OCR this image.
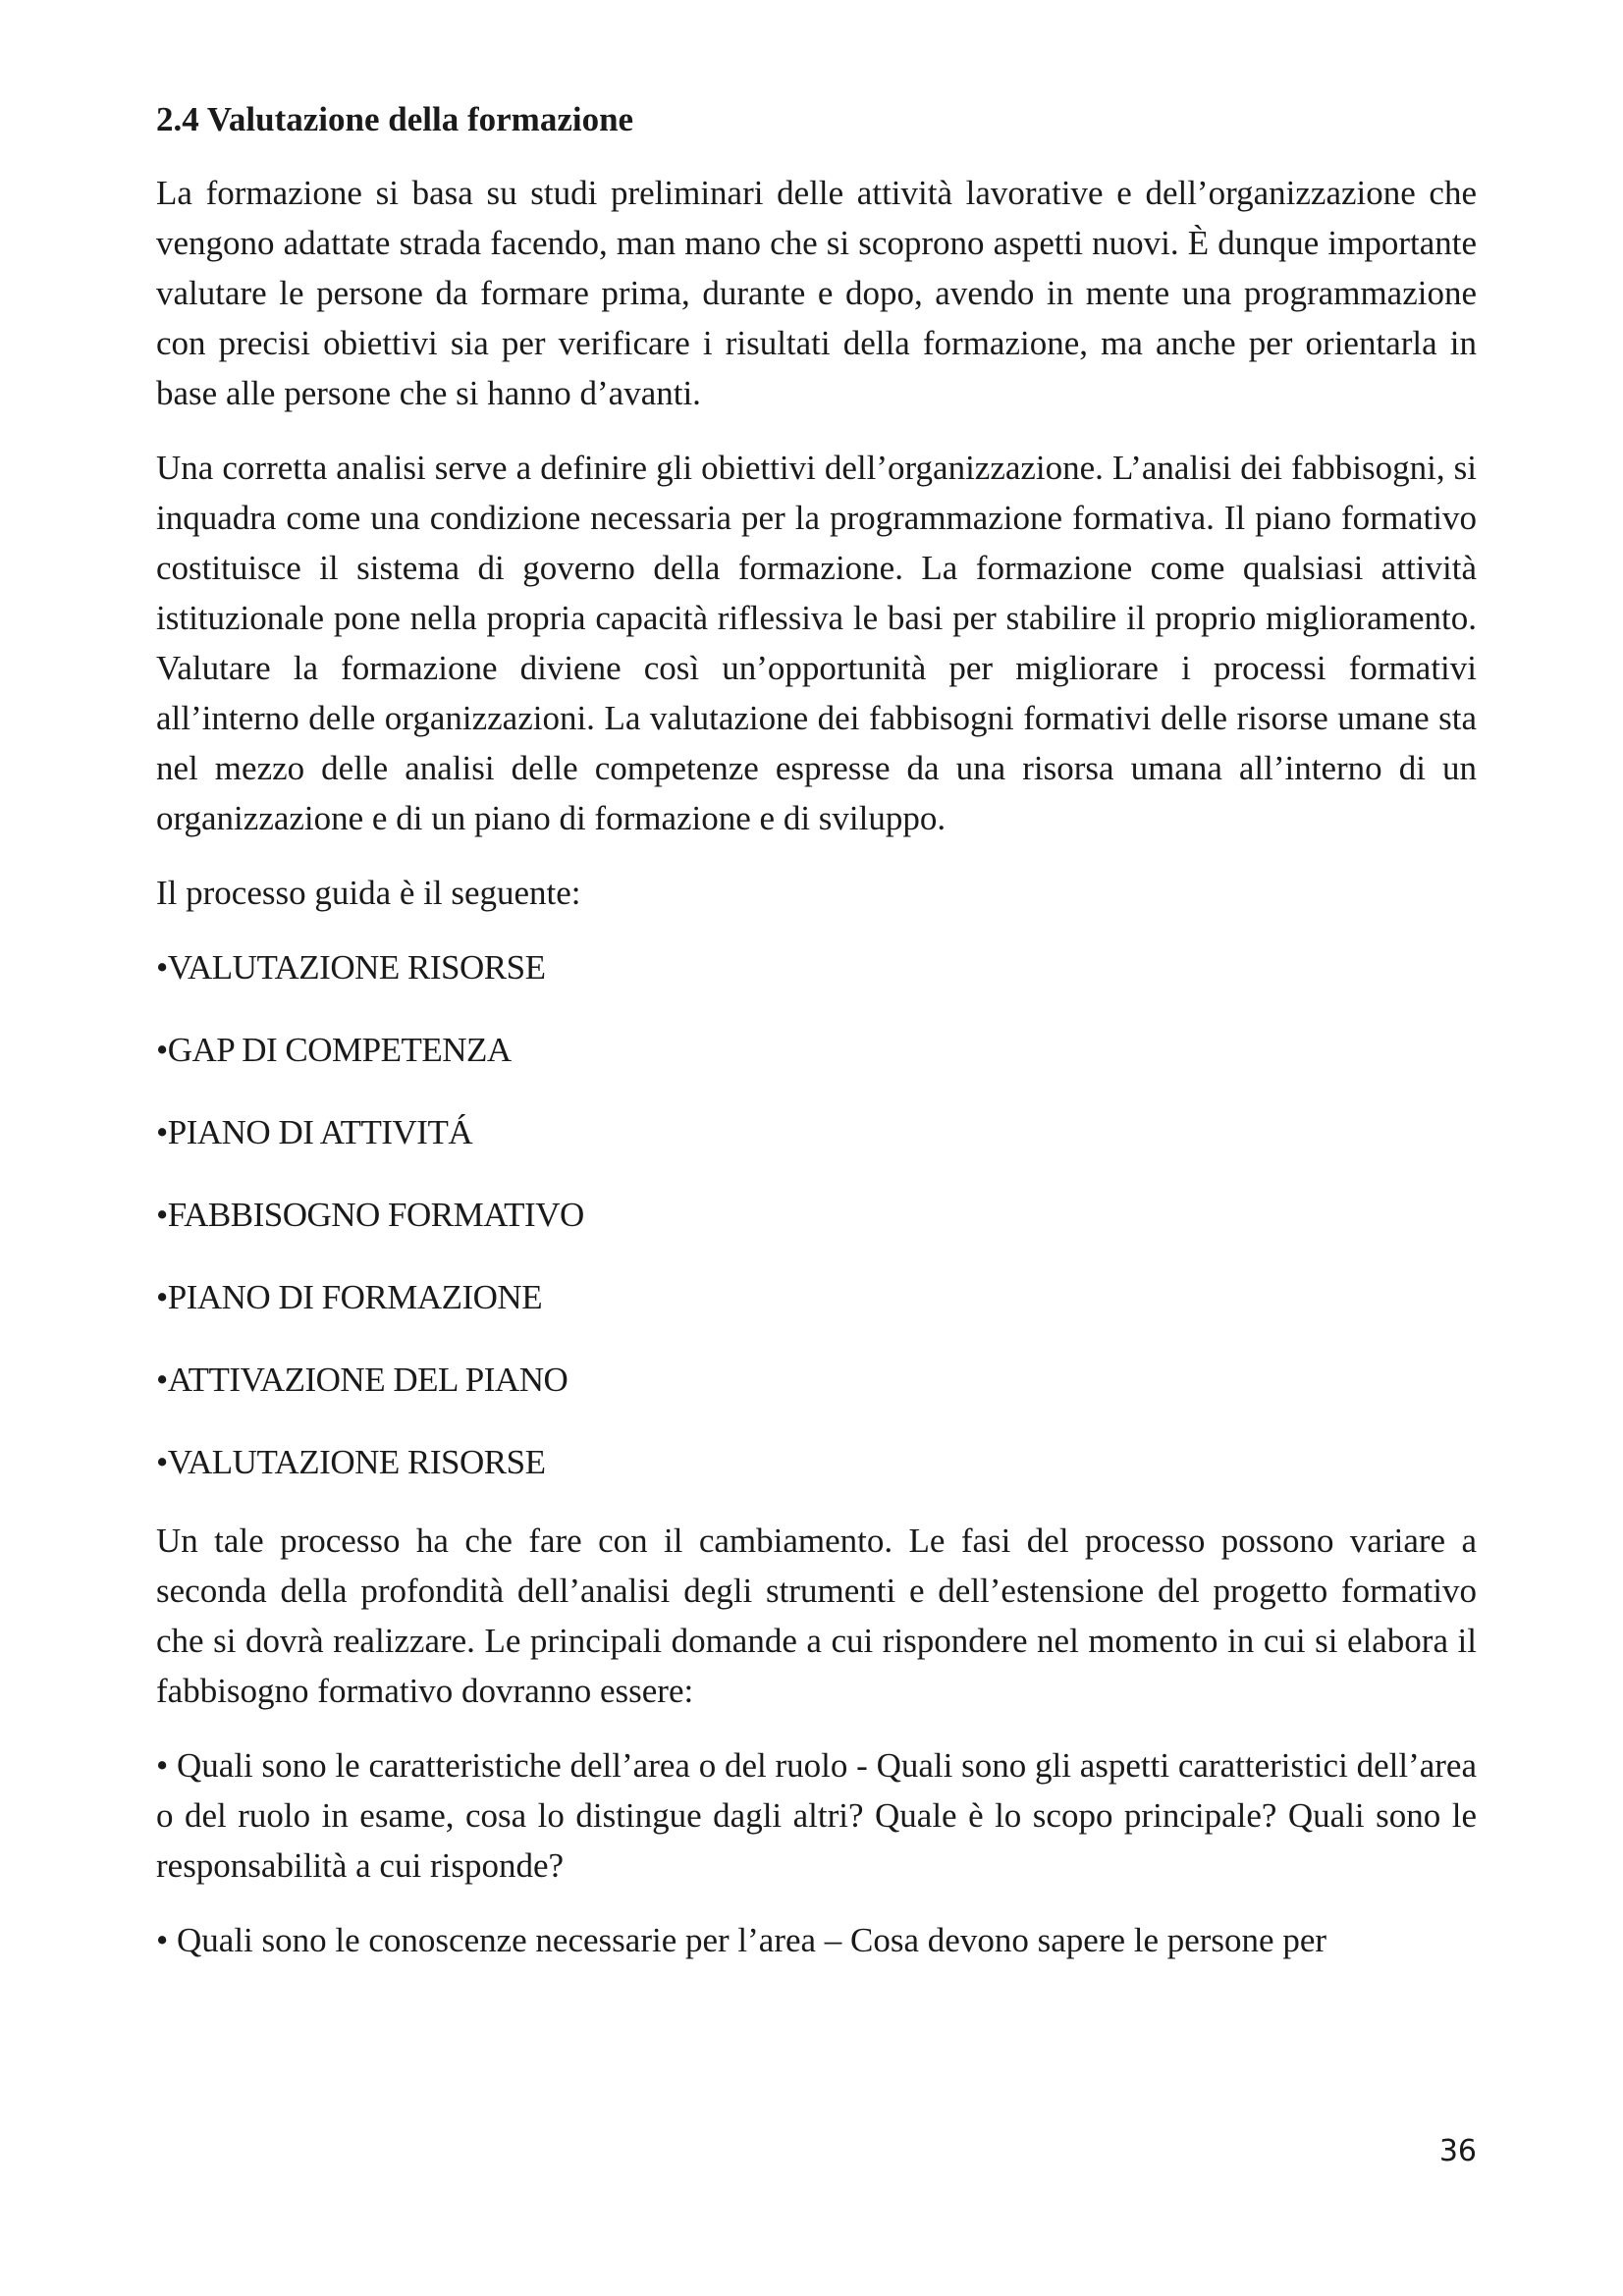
2.4 Valutazione della formazione

La formazione si basa su studi preliminari delle attività lavorative e dell’organizzazione che vengono adattate strada facendo, man mano che si scoprono aspetti nuovi. È dunque importante valutare le persone da formare prima, durante e dopo, avendo in mente una programmazione con precisi obiettivi sia per verificare i risultati della formazione, ma anche per orientarla in base alle persone che si hanno d’avanti.

Una corretta analisi serve a definire gli obiettivi dell’organizzazione. L’analisi dei fabbisogni, si inquadra come una condizione necessaria per la programmazione formativa. Il piano formativo costituisce il sistema di governo della formazione. La formazione come qualsiasi attività istituzionale pone nella propria capacità riflessiva le basi per stabilire il proprio miglioramento. Valutare la formazione diviene così un’opportunità per migliorare i processi formativi all’interno delle organizzazioni. La valutazione dei fabbisogni formativi delle risorse umane sta nel mezzo delle analisi delle competenze espresse da una risorsa umana all’interno di un organizzazione e di un piano di formazione e di sviluppo.

Il processo guida è il seguente:

•VALUTAZIONE RISORSE
•GAP DI COMPETENZA
•PIANO DI ATTIVITÁ
•FABBISOGNO FORMATIVO
•PIANO DI FORMAZIONE
•ATTIVAZIONE DEL PIANO
•VALUTAZIONE RISORSE

Un tale processo ha che fare con il cambiamento. Le fasi del processo possono variare a seconda della profondità dell’analisi degli strumenti e dell’estensione del progetto formativo che si dovrà realizzare. Le principali domande a cui rispondere nel momento in cui si elabora il fabbisogno formativo dovranno essere:

• Quali sono le caratteristiche dell’area o del ruolo - Quali sono gli aspetti caratteristici dell’area o del ruolo in esame, cosa lo distingue dagli altri? Quale è lo scopo principale? Quali sono le responsabilità a cui risponde?

• Quali sono le conoscenze necessarie per l’area – Cosa devono sapere le persone per

36
